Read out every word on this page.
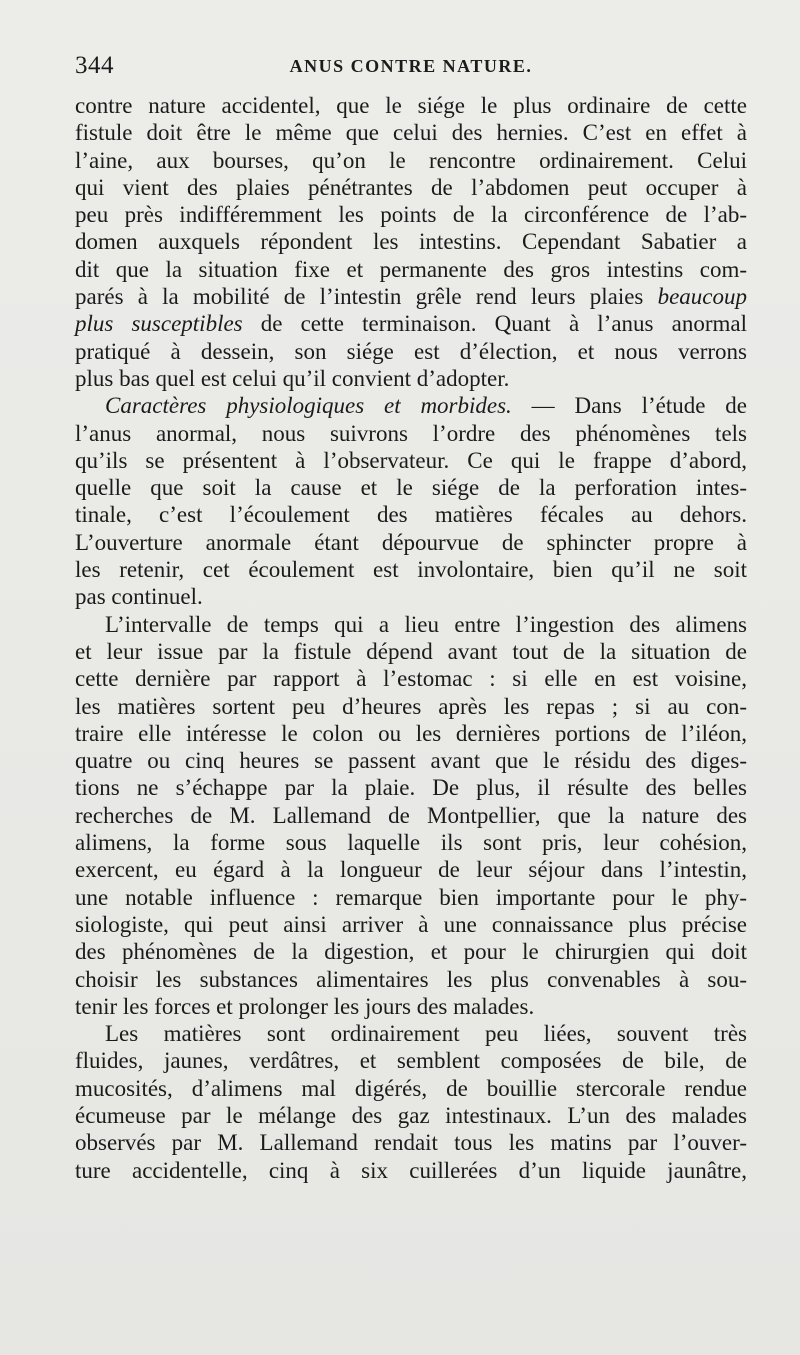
344	ANUS CONTRE NATURE.
contre nature accidentel, que le siége le plus ordinaire de cette
fistule doit être le même que celui des hernies. C’est en effet à
l’aine, aux bourses, qu’on le rencontre ordinairement. Celui
qui vient des plaies pénétrantes de l’abdomen peut occuper à
peu près indifféremment les points de la circonférence de l’ab-
domen auxquels répondent les intestins. Cependant Sabatier a
dit que la situation fixe et permanente des gros intestins com-
parés à la mobilité de l’intestin grêle rend leurs plaies beaucoup
plus susceptibles de cette terminaison. Quant à l’anus anormal
pratiqué à dessein, son siége est d’élection, et nous verrons
plus bas quel est celui qu’il convient d’adopter.
Caractères physiologiques et morbides. — Dans l’étude de
l’anus anormal, nous suivrons l’ordre des phénomènes tels
qu’ils se présentent à l’observateur. Ce qui le frappe d’abord,
quelle que soit la cause et le siége de la perforation intes-
tinale, c’est l’écoulement des matières fécales au dehors.
L’ouverture anormale étant dépourvue de sphincter propre à
les retenir, cet écoulement est involontaire, bien qu’il ne soit
pas continuel.
L’intervalle de temps qui a lieu entre l’ingestion des alimens
et leur issue par la fistule dépend avant tout de la situation de
cette dernière par rapport à l’estomac : si elle en est voisine,
les matières sortent peu d’heures après les repas ; si au con-
traire elle intéresse le colon ou les dernières portions de l’iléon,
quatre ou cinq heures se passent avant que le résidu des diges-
tions ne s’échappe par la plaie. De plus, il résulte des belles
recherches de M. Lallemand de Montpellier, que la nature des
alimens, la forme sous laquelle ils sont pris, leur cohésion,
exercent, eu égard à la longueur de leur séjour dans l’intestin,
une notable influence : remarque bien importante pour le phy-
siologiste, qui peut ainsi arriver à une connaissance plus précise
des phénomènes de la digestion, et pour le chirurgien qui doit
choisir les substances alimentaires les plus convenables à sou-
tenir les forces et prolonger les jours des malades.
Les matières sont ordinairement peu liées, souvent très
fluides, jaunes, verdâtres, et semblent composées de bile, de
mucosités, d’alimens mal digérés, de bouillie stercorale rendue
écumeuse par le mélange des gaz intestinaux. L’un des malades
observés par M. Lallemand rendait tous les matins par l’ouver-
ture accidentelle, cinq à six cuillerées d’un liquide jaunâtre,
